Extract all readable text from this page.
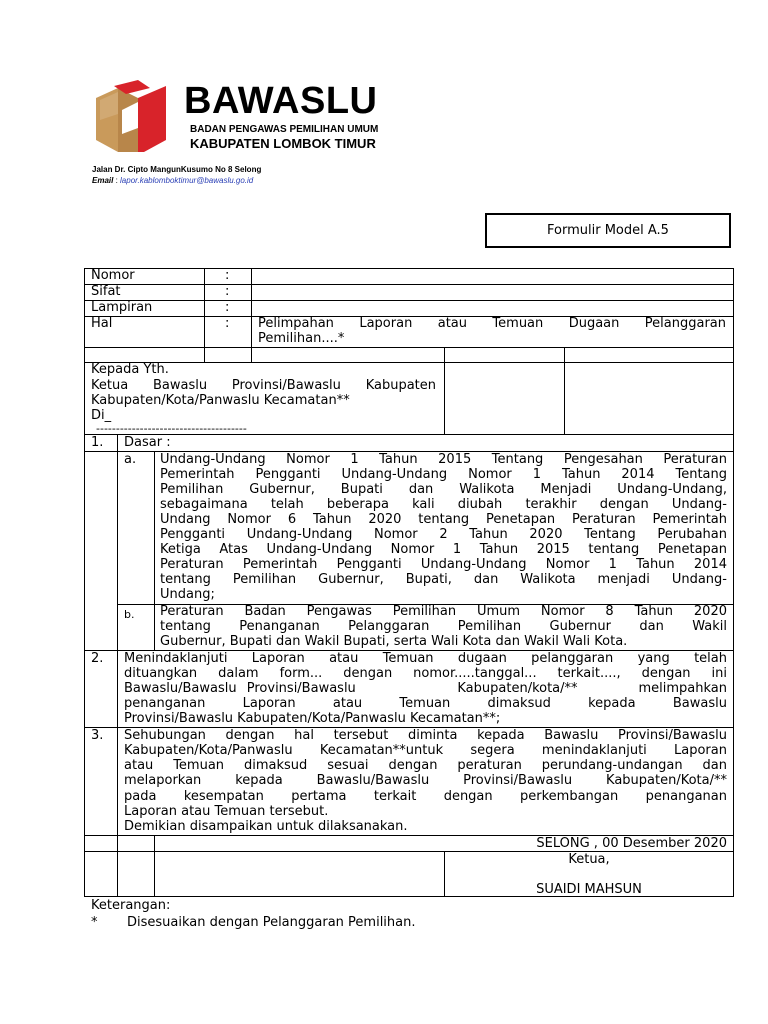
BAWASLU
BADAN PENGAWAS PEMILIHAN UMUM
KABUPATEN LOMBOK TIMUR
Jalan Dr. Cipto MangunKusumo No 8 Selong
Email : lapor.kablomboktimur@bawaslu.go.id
Formulir Model A.5
Nomor	:
Sifat	:
Lampiran	:
Hal	: Pelimpahan Laporan atau Temuan Dugaan Pelanggaran
Pemilihan....*
Kepada Yth.
Ketua Bawaslu Provinsi/Bawaslu Kabupaten
Kabupaten/Kota/Panwaslu Kecamatan**
Di_
--------------------------------------
1. Dasar :
a. Undang-Undang Nomor 1 Tahun 2015 Tentang Pengesahan Peraturan
Pemerintah Pengganti Undang-Undang Nomor 1 Tahun 2014 Tentang
Pemilihan Gubernur, Bupati dan Walikota Menjadi Undang-Undang,
sebagaimana telah beberapa kali diubah terakhir dengan Undang-
Undang Nomor 6 Tahun 2020 tentang Penetapan Peraturan Pemerintah
Pengganti Undang-Undang Nomor 2 Tahun 2020 Tentang Perubahan
Ketiga Atas Undang-Undang Nomor 1 Tahun 2015 tentang Penetapan
Peraturan Pemerintah Pengganti Undang-Undang Nomor 1 Tahun 2014
tentang Pemilihan Gubernur, Bupati, dan Walikota menjadi Undang-
Undang;
b. Peraturan Badan Pengawas Pemilihan Umum Nomor 8 Tahun 2020
tentang Penanganan Pelanggaran Pemilihan Gubernur dan Wakil
Gubernur, Bupati dan Wakil Bupati, serta Wali Kota dan Wakil Wali Kota.
2. Menindaklanjuti Laporan atau Temuan dugaan pelanggaran yang telah
dituangkan dalam form... dengan nomor.....tanggal... terkait...., dengan ini
Bawaslu/Bawaslu Provinsi/Bawaslu          Kabupaten/kota/**      melimpahkan
penanganan Laporan atau Temuan dimaksud kepada Bawaslu
Provinsi/Bawaslu Kabupaten/Kota/Panwaslu Kecamatan**;
3. Sehubungan dengan hal tersebut diminta kepada Bawaslu Provinsi/Bawaslu
Kabupaten/Kota/Panwaslu Kecamatan**untuk segera menindaklanjuti Laporan
atau Temuan dimaksud sesuai dengan peraturan perundang-undangan dan
melaporkan kepada Bawaslu/Bawaslu Provinsi/Bawaslu Kabupaten/Kota/**
pada kesempatan pertama terkait dengan perkembangan penanganan
Laporan atau Temuan tersebut.
Demikian disampaikan untuk dilaksanakan.
SELONG , 00 Desember 2020
Ketua,
SUAIDI MAHSUN
Keterangan:
* Disesuaikan dengan Pelanggaran Pemilihan.
